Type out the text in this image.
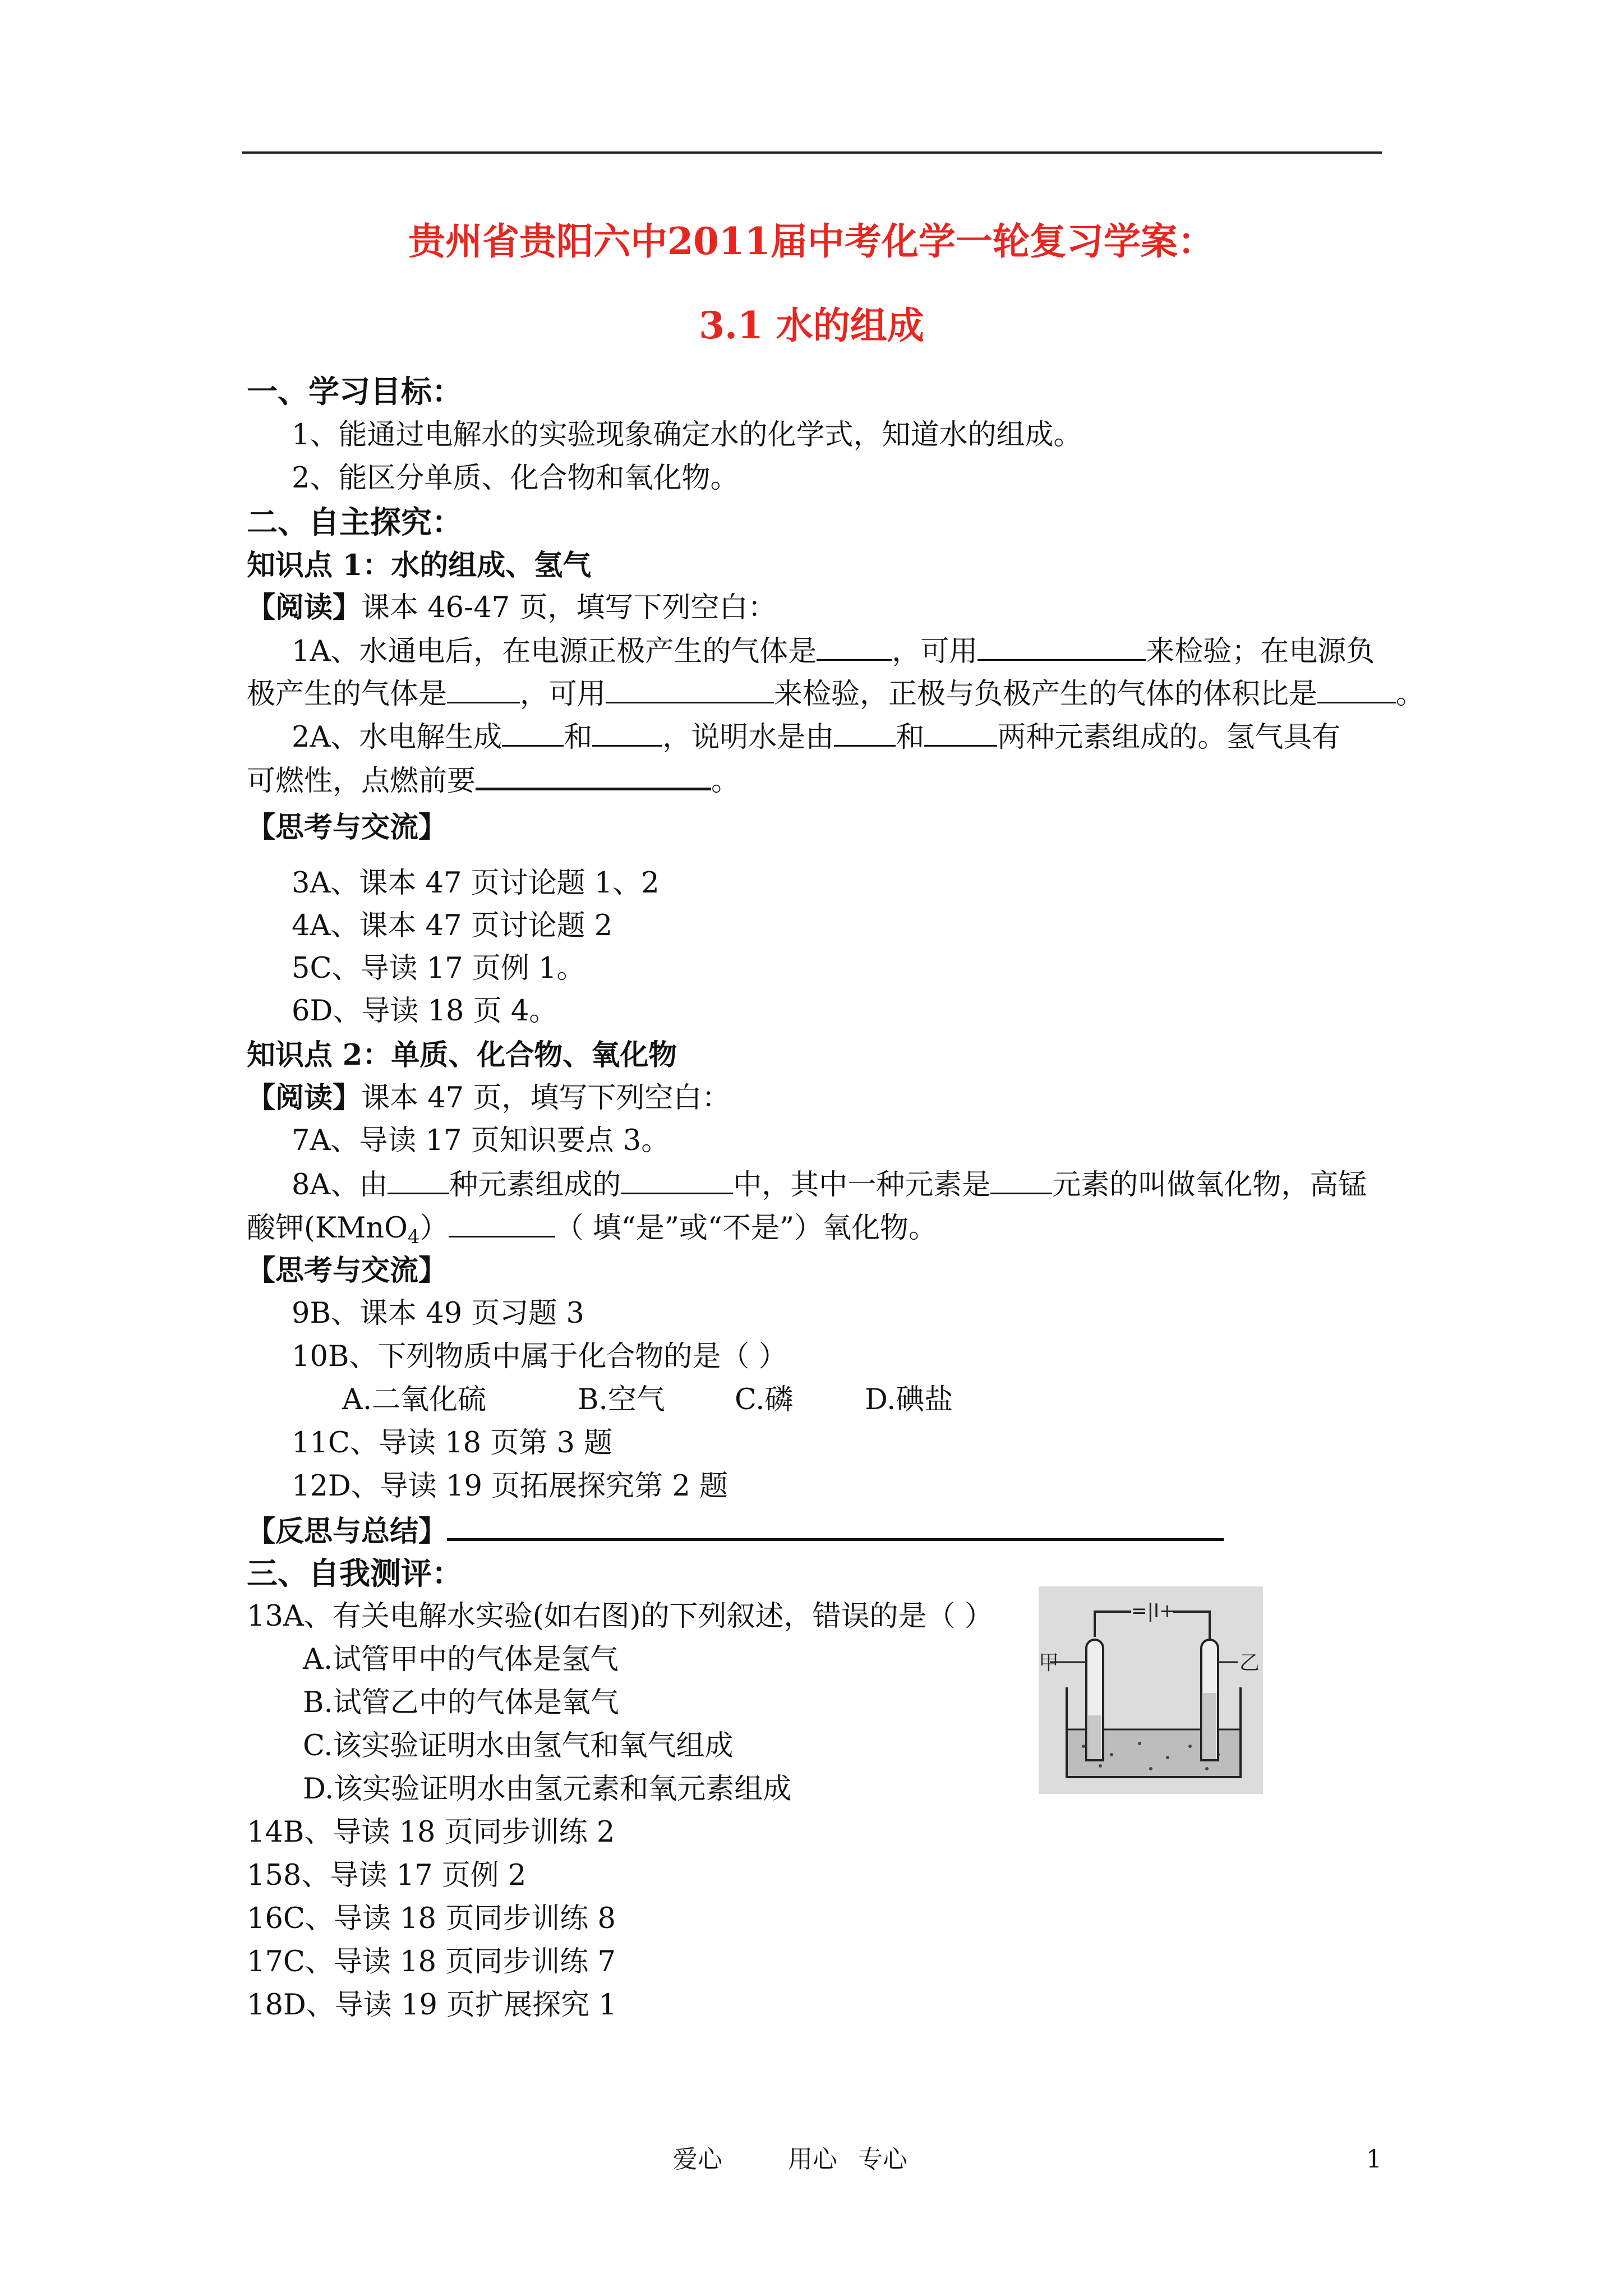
贵州省贵阳六中2011届中考化学一轮复习学案：
3.1 水的组成
一、学习目标：
1、能通过电解水的实验现象确定水的化学式，知道水的组成。
2、能区分单质、化合物和氧化物。
二、自主探究：
知识点 1：水的组成、氢气
【阅读】课本 46-47 页，填写下列空白：
1A、水通电后，在电源正极产生的气体是	，可用	来检验；在电源负
极产生的气体是	，可用	来检验，正极与负极产生的气体的体积比是	。
2A、水电解生成 和 ，说明水是由 和	两种元素组成的。氢气具有
可燃性，点燃前要	。
【思考与交流】
3A、课本 47 页讨论题 1、2
4A、课本 47 页讨论题 2
5C、导读 17 页例 1。
6D、导读 18 页 4。
知识点 2：单质、化合物、氧化物
【阅读】课本 47 页，填写下列空白：
7A、导读 17 页知识要点 3。
8A、由 种元素组成的	中，其中一种元素是 元素的叫做氧化物，高锰
酸钾(KMnO$_4$）	（ 填“是”或“不是”）氧化物。
【思考与交流】
9B、课本 49 页习题 3
10B、下列物质中属于化合物的是（ ）
A.二氧化硫	B.空气 C.磷	D.碘盐
11C、导读 18 页第 3 题
12D、导读 19 页拓展探究第 2 题
【反思与总结】
三、自我测评：
13A、有关电解水实验(如右图)的下列叙述，错误的是（ ）
A.试管甲中的气体是氢气
B.试管乙中的气体是氧气
C.该实验证明水由氢气和氧气组成
D.该实验证明水由氢元素和氧元素组成
=|I+
甲	乙
14B、导读 18 页同步训练 2
158、导读 17 页例 2
16C、导读 18 页同步训练 8
17C、导读 18 页同步训练 7
18D、导读 19 页扩展探究 1
爱心	用心 专心	1
